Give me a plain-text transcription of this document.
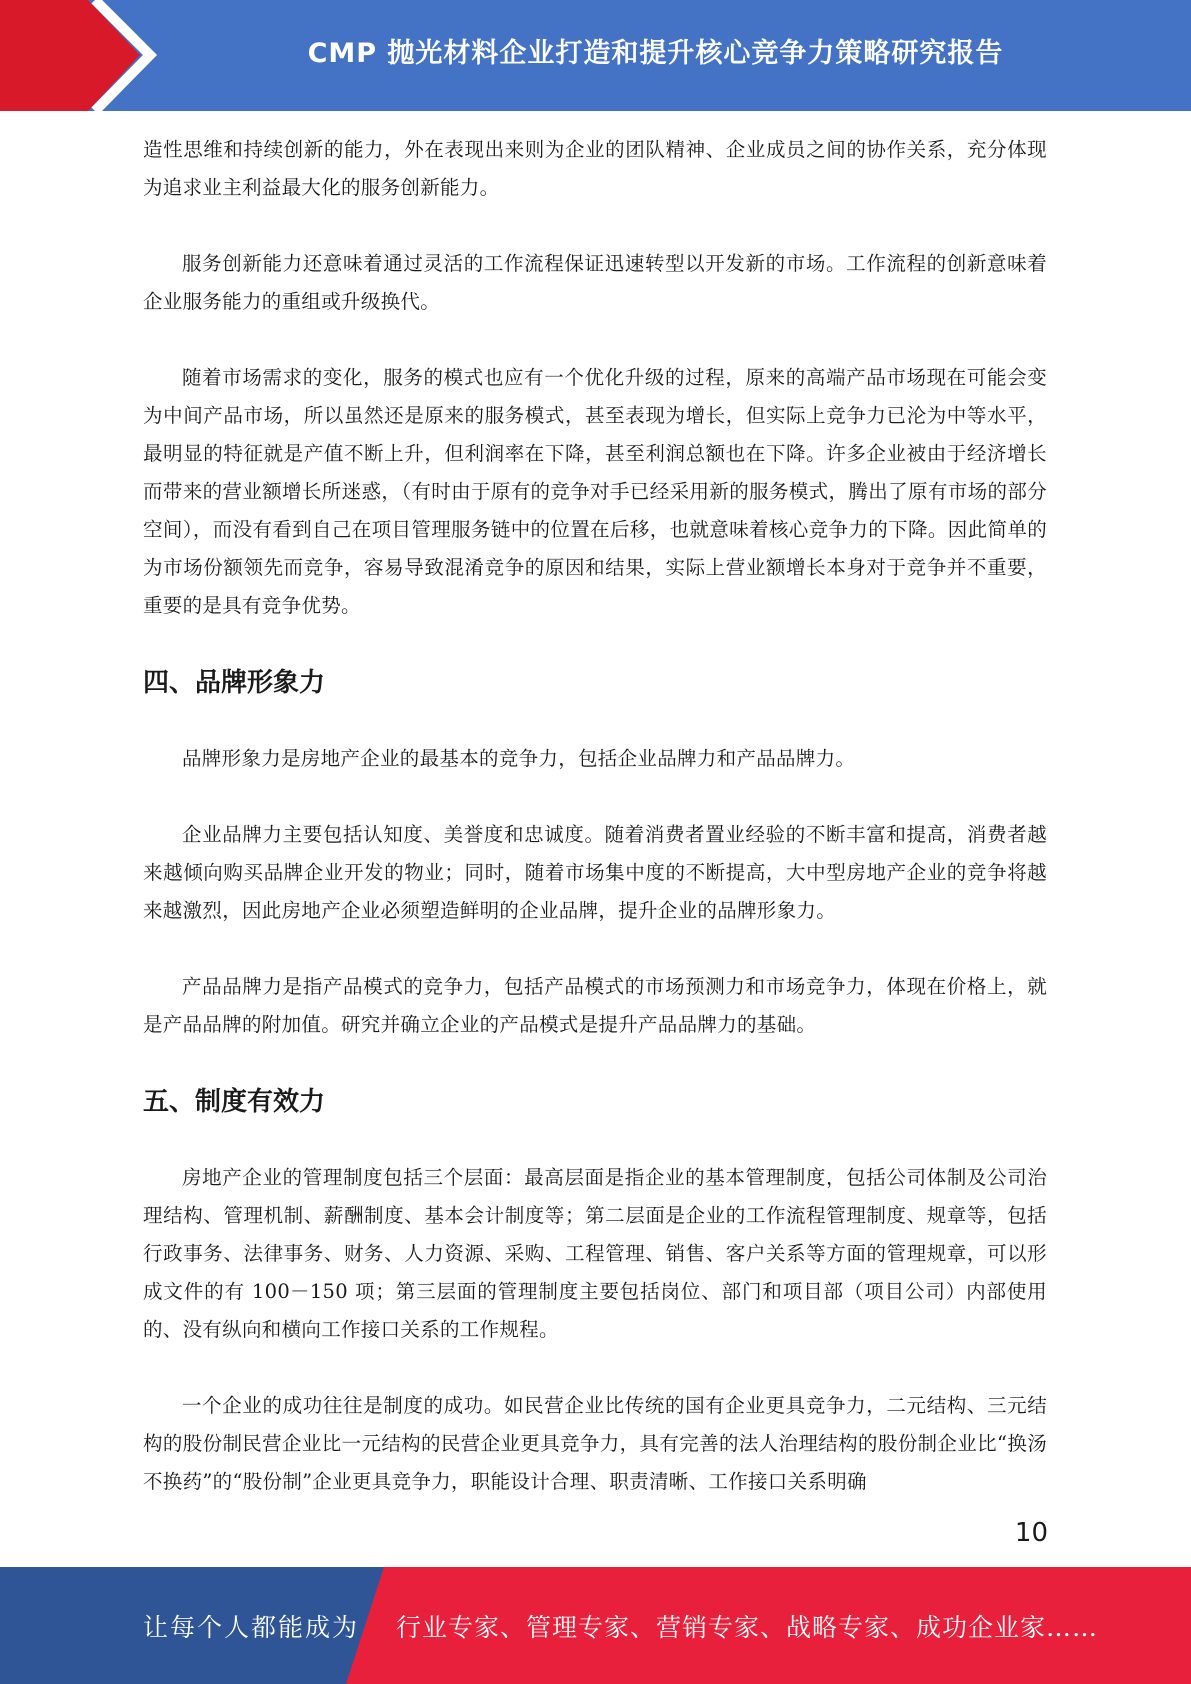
CMP 抛光材料企业打造和提升核心竞争力策略研究报告

造性思维和持续创新的能力，外在表现出来则为企业的团队精神、企业成员之间的协作关系，充分体现为追求业主利益最大化的服务创新能力。

服务创新能力还意味着通过灵活的工作流程保证迅速转型以开发新的市场。工作流程的创新意味着企业服务能力的重组或升级换代。

随着市场需求的变化，服务的模式也应有一个优化升级的过程，原来的高端产品市场现在可能会变为中间产品市场，所以虽然还是原来的服务模式，甚至表现为增长，但实际上竞争力已沦为中等水平，最明显的特征就是产值不断上升，但利润率在下降，甚至利润总额也在下降。许多企业被由于经济增长而带来的营业额增长所迷惑，（有时由于原有的竞争对手已经采用新的服务模式，腾出了原有市场的部分空间），而没有看到自己在项目管理服务链中的位置在后移，也就意味着核心竞争力的下降。因此简单的为市场份额领先而竞争，容易导致混淆竞争的原因和结果，实际上营业额增长本身对于竞争并不重要，重要的是具有竞争优势。

四、品牌形象力

品牌形象力是房地产企业的最基本的竞争力，包括企业品牌力和产品品牌力。

企业品牌力主要包括认知度、美誉度和忠诚度。随着消费者置业经验的不断丰富和提高，消费者越来越倾向购买品牌企业开发的物业；同时，随着市场集中度的不断提高，大中型房地产企业的竞争将越来越激烈，因此房地产企业必须塑造鲜明的企业品牌，提升企业的品牌形象力。

产品品牌力是指产品模式的竞争力，包括产品模式的市场预测力和市场竞争力，体现在价格上，就是产品品牌的附加值。研究并确立企业的产品模式是提升产品品牌力的基础。

五、制度有效力

房地产企业的管理制度包括三个层面：最高层面是指企业的基本管理制度，包括公司体制及公司治理结构、管理机制、薪酬制度、基本会计制度等；第二层面是企业的工作流程管理制度、规章等，包括行政事务、法律事务、财务、人力资源、采购、工程管理、销售、客户关系等方面的管理规章，可以形成文件的有 100－150 项；第三层面的管理制度主要包括岗位、部门和项目部（项目公司）内部使用的、没有纵向和横向工作接口关系的工作规程。

一个企业的成功往往是制度的成功。如民营企业比传统的国有企业更具竞争力，二元结构、三元结构的股份制民营企业比一元结构的民营企业更具竞争力，具有完善的法人治理结构的股份制企业比“换汤不换药”的“股份制”企业更具竞争力，职能设计合理、职责清晰、工作接口关系明确

10
让每个人都能成为 行业专家、管理专家、营销专家、战略专家、成功企业家……
